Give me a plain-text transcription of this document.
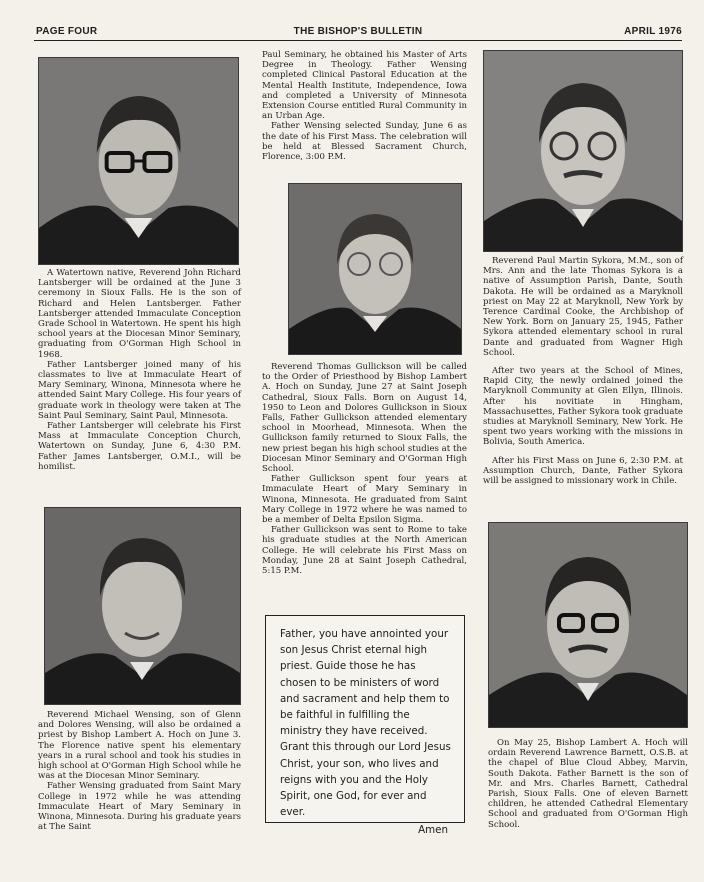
PAGE FOUR	THE BISHOP'S BULLETIN	APRIL 1976

A Watertown native, Reverend John Richard Lantsberger will be ordained at the June 3 ceremony in Sioux Falls. He is the son of Richard and Helen Lantsberger. Father Lantsberger attended Immaculate Conception Grade School in Watertown. He spent his high school years at the Diocesan Minor Seminary, graduating from O'Gorman High School in 1968.

Father Lantsberger joined many of his classmates to live at Immaculate Heart of Mary Seminary, Winona, Minnesota where he attended Saint Mary College. His four years of graduate work in theology were taken at The Saint Paul Seminary, Saint Paul, Minnesota.

Father Lantsberger will celebrate his First Mass at Immaculate Conception Church, Watertown on Sunday, June 6, 4:30 P.M. Father James Lantsberger, O.M.I., will be homilist.

Reverend Michael Wensing, son of Glenn and Dolores Wensing, will also be ordained a priest by Bishop Lambert A. Hoch on June 3. The Florence native spent his elementary years in a rural school and took his studies in high school at O'Gorman High School while he was at the Diocesan Minor Seminary.

Father Wensing graduated from Saint Mary College in 1972 while he was attending Immaculate Heart of Mary Seminary in Winona, Minnesota. During his graduate years at The Saint

Paul Seminary, he obtained his Master of Arts Degree in Theology. Father Wensing completed Clinical Pastoral Education at the Mental Health Institute, Independence, Iowa and completed a University of Minnesota Extension Course entitled Rural Community in an Urban Age.

Father Wensing selected Sunday, June 6 as the date of his First Mass. The celebration will be held at Blessed Sacrament Church, Florence, 3:00 P.M.

Reverend Thomas Gullickson will be called to the Order of Priesthood by Bishop Lambert A. Hoch on Sunday, June 27 at Saint Joseph Cathedral, Sioux Falls. Born on August 14, 1950 to Leon and Dolores Gullickson in Sioux Falls, Father Gullickson attended elementary school in Moorhead, Minnesota. When the Gullickson family returned to Sioux Falls, the new priest began his high school studies at the Diocesan Minor Seminary and O'Gorman High School.

Father Gullickson spent four years at Immaculate Heart of Mary Seminary in Winona, Minnesota. He graduated from Saint Mary College in 1972 where he was named to be a member of Delta Epsilon Sigma.

Father Gullickson was sent to Rome to take his graduate studies at the North American College. He will celebrate his First Mass on Monday, June 28 at Saint Joseph Cathedral, 5:15 P.M.

Father, you have annointed your son Jesus Christ eternal high priest. Guide those he has chosen to be ministers of word and sacrament and help them to be faithful in fulfilling the ministry they have received. Grant this through our Lord Jesus Christ, your son, who lives and reigns with you and the Holy Spirit, one God, for ever and ever.
Amen

Reverend Paul Martin Sykora, M.M., son of Mrs. Ann and the late Thomas Sykora is a native of Assumption Parish, Dante, South Dakota. He will be ordained as a Maryknoll priest on May 22 at Maryknoll, New York by Terence Cardinal Cooke, the Archbishop of New York. Born on January 25, 1945, Father Sykora attended elementary school in rural Dante and graduated from Wagner High School.

After two years at the School of Mines, Rapid City, the newly ordained joined the Maryknoll Community at Glen Ellyn, Illinois. After his novitiate in Hingham, Massachusettes, Father Sykora took graduate studies at Maryknoll Seminary, New York. He spent two years working with the missions in Bolivia, South America.

After his First Mass on June 6, 2:30 P.M. at Assumption Church, Dante, Father Sykora will be assigned to missionary work in Chile.

On May 25, Bishop Lambert A. Hoch will ordain Reverend Lawrence Barnett, O.S.B. at the chapel of Blue Cloud Abbey, Marvin, South Dakota. Father Barnett is the son of Mr. and Mrs. Charles Barnett, Cathedral Parish, Sioux Falls. One of eleven Barnett children, he attended Cathedral Elementary School and graduated from O'Gorman High School.
